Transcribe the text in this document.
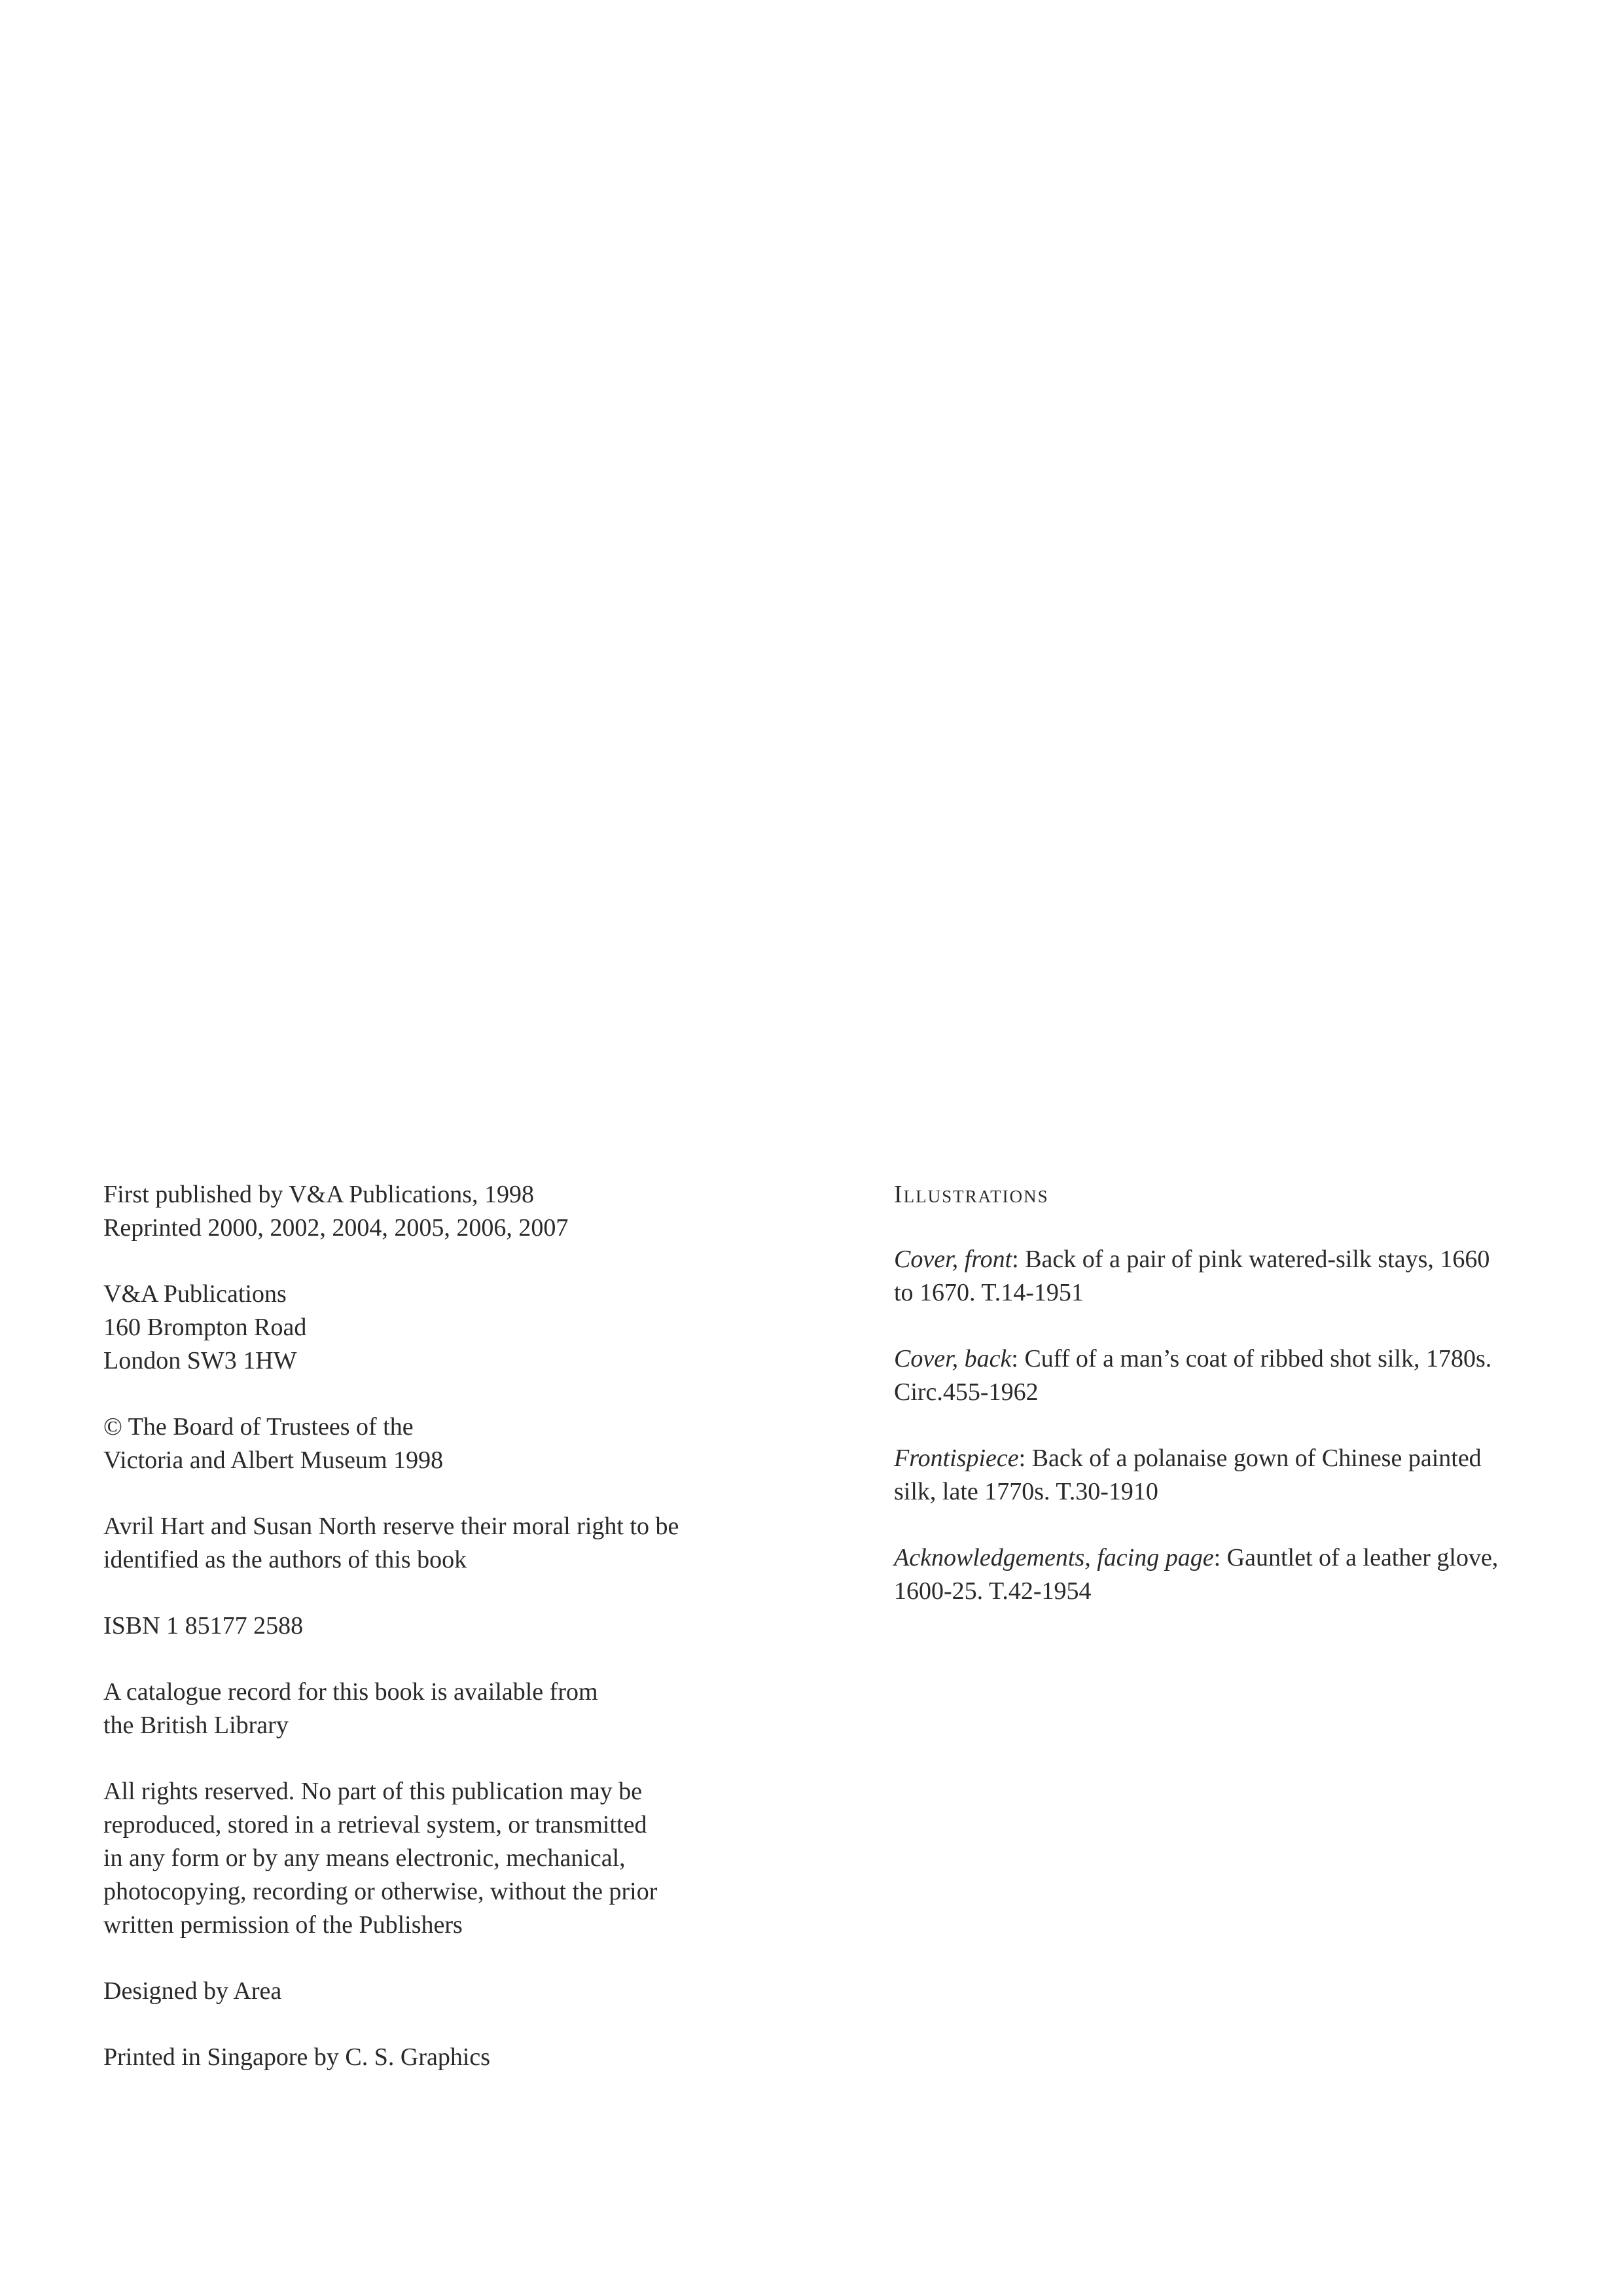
First published by V&A Publications, 1998

Reprinted 2000, 2002, 2004, 2005, 2006, 2007

V&A Publications

160 Brompton Road

London SW3 1HW

© The Board of Trustees of the

Victoria and Albert Museum 1998

Avril Hart and Susan North reserve their moral right to be

identified as the authors of this book

ISBN 1 85177 2588

A catalogue record for this book is available from

the British Library

All rights reserved. No part of this publication may be

reproduced, stored in a retrieval system, or transmitted

in any form or by any means electronic, mechanical,

photocopying, recording or otherwise, without the prior

written permission of the Publishers

Designed by Area

Printed in Singapore by C. S. Graphics

Illustrations

Cover, front: Back of a pair of pink watered-silk stays, 1660

to 1670. T.14-1951

Cover, back: Cuff of a man’s coat of ribbed shot silk, 1780s.

Circ.455-1962

Frontispiece: Back of a polanaise gown of Chinese painted

silk, late 1770s. T.30-1910

Acknowledgements, facing page: Gauntlet of a leather glove,

1600-25. T.42-1954
